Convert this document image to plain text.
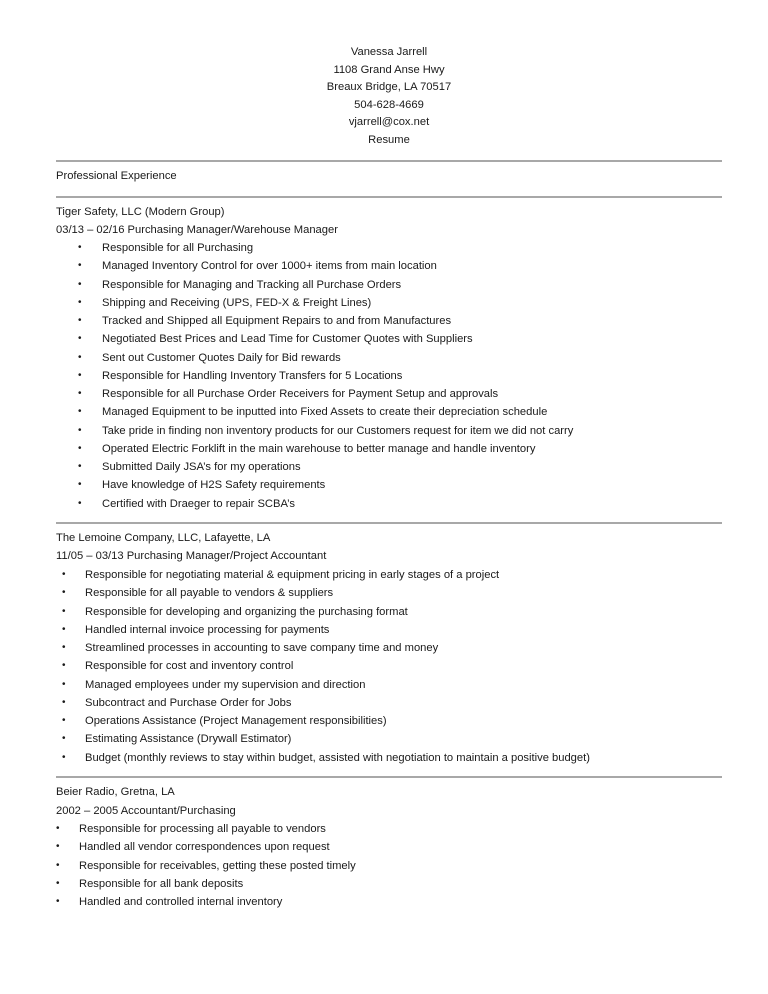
Vanessa Jarrell
1108 Grand Anse Hwy
Breaux Bridge, LA 70517
504-628-4669
vjarrell@cox.net
Resume
Professional Experience
Tiger Safety, LLC (Modern Group)
03/13 – 02/16 Purchasing Manager/Warehouse Manager
• Responsible for all Purchasing
• Managed Inventory Control for over 1000+ items from main location
• Responsible for Managing and Tracking all Purchase Orders
• Shipping and Receiving (UPS, FED-X & Freight Lines)
• Tracked and Shipped all Equipment Repairs to and from Manufactures
• Negotiated Best Prices and Lead Time for Customer Quotes with Suppliers
• Sent out Customer Quotes Daily for Bid rewards
• Responsible for Handling Inventory Transfers for 5 Locations
• Responsible for all Purchase Order Receivers for Payment Setup and approvals
• Managed Equipment to be inputted into Fixed Assets to create their depreciation schedule
• Take pride in finding non inventory products for our Customers request for item we did not carry
• Operated Electric Forklift in the main warehouse to better manage and handle inventory
• Submitted Daily JSA’s for my operations
• Have knowledge of H2S Safety requirements
• Certified with Draeger to repair SCBA’s
The Lemoine Company, LLC, Lafayette, LA
11/05 – 03/13 Purchasing Manager/Project Accountant
• Responsible for negotiating material & equipment pricing in early stages of a project
• Responsible for all payable to vendors & suppliers
• Responsible for developing and organizing the purchasing format
• Handled internal invoice processing for payments
• Streamlined processes in accounting to save company time and money
• Responsible for cost and inventory control
• Managed employees under my supervision and direction
• Subcontract and Purchase Order for Jobs
• Operations Assistance (Project Management responsibilities)
• Estimating Assistance (Drywall Estimator)
• Budget (monthly reviews to stay within budget, assisted with negotiation to maintain a positive budget)
Beier Radio, Gretna, LA
2002 – 2005 Accountant/Purchasing
• Responsible for processing all payable to vendors
• Handled all vendor correspondences upon request
• Responsible for receivables, getting these posted timely
• Responsible for all bank deposits
• Handled and controlled internal inventory
